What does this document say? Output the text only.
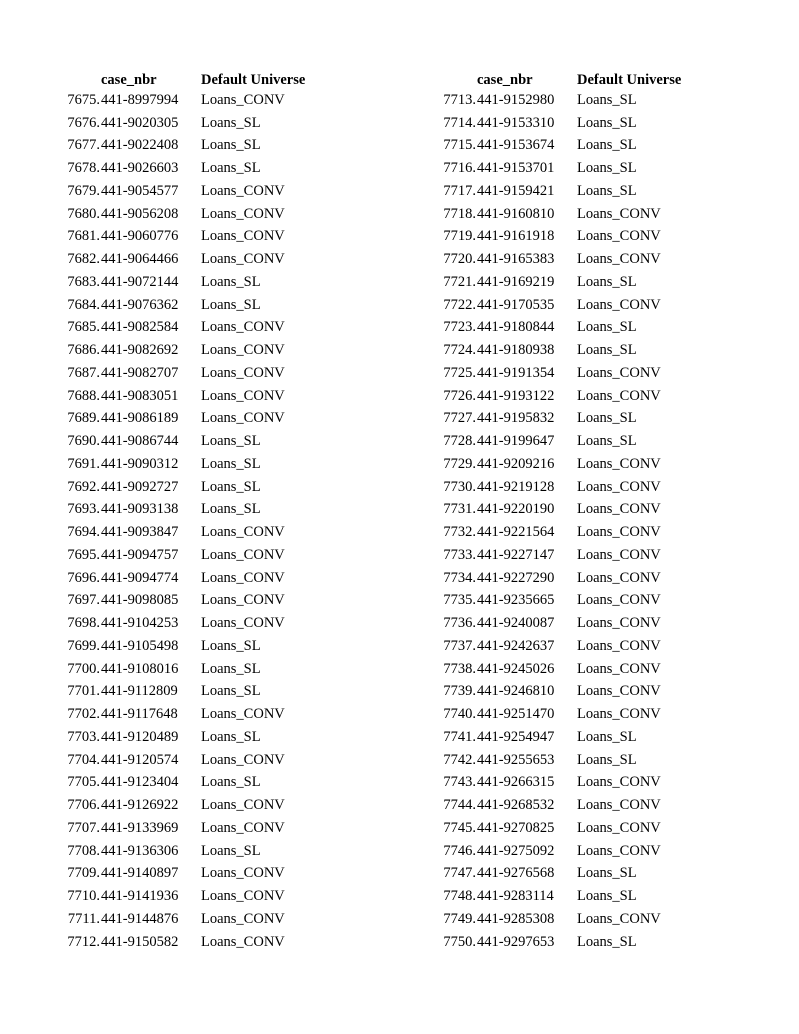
	case_nbr	Default Universe
7675.	441-8997994	Loans_CONV
7676.	441-9020305	Loans_SL
7677.	441-9022408	Loans_SL
7678.	441-9026603	Loans_SL
7679.	441-9054577	Loans_CONV
7680.	441-9056208	Loans_CONV
7681.	441-9060776	Loans_CONV
7682.	441-9064466	Loans_CONV
7683.	441-9072144	Loans_SL
7684.	441-9076362	Loans_SL
7685.	441-9082584	Loans_CONV
7686.	441-9082692	Loans_CONV
7687.	441-9082707	Loans_CONV
7688.	441-9083051	Loans_CONV
7689.	441-9086189	Loans_CONV
7690.	441-9086744	Loans_SL
7691.	441-9090312	Loans_SL
7692.	441-9092727	Loans_SL
7693.	441-9093138	Loans_SL
7694.	441-9093847	Loans_CONV
7695.	441-9094757	Loans_CONV
7696.	441-9094774	Loans_CONV
7697.	441-9098085	Loans_CONV
7698.	441-9104253	Loans_CONV
7699.	441-9105498	Loans_SL
7700.	441-9108016	Loans_SL
7701.	441-9112809	Loans_SL
7702.	441-9117648	Loans_CONV
7703.	441-9120489	Loans_SL
7704.	441-9120574	Loans_CONV
7705.	441-9123404	Loans_SL
7706.	441-9126922	Loans_CONV
7707.	441-9133969	Loans_CONV
7708.	441-9136306	Loans_SL
7709.	441-9140897	Loans_CONV
7710.	441-9141936	Loans_CONV
7711.	441-9144876	Loans_CONV
7712.	441-9150582	Loans_CONV
	case_nbr	Default Universe
7713.	441-9152980	Loans_SL
7714.	441-9153310	Loans_SL
7715.	441-9153674	Loans_SL
7716.	441-9153701	Loans_SL
7717.	441-9159421	Loans_SL
7718.	441-9160810	Loans_CONV
7719.	441-9161918	Loans_CONV
7720.	441-9165383	Loans_CONV
7721.	441-9169219	Loans_SL
7722.	441-9170535	Loans_CONV
7723.	441-9180844	Loans_SL
7724.	441-9180938	Loans_SL
7725.	441-9191354	Loans_CONV
7726.	441-9193122	Loans_CONV
7727.	441-9195832	Loans_SL
7728.	441-9199647	Loans_SL
7729.	441-9209216	Loans_CONV
7730.	441-9219128	Loans_CONV
7731.	441-9220190	Loans_CONV
7732.	441-9221564	Loans_CONV
7733.	441-9227147	Loans_CONV
7734.	441-9227290	Loans_CONV
7735.	441-9235665	Loans_CONV
7736.	441-9240087	Loans_CONV
7737.	441-9242637	Loans_CONV
7738.	441-9245026	Loans_CONV
7739.	441-9246810	Loans_CONV
7740.	441-9251470	Loans_CONV
7741.	441-9254947	Loans_SL
7742.	441-9255653	Loans_SL
7743.	441-9266315	Loans_CONV
7744.	441-9268532	Loans_CONV
7745.	441-9270825	Loans_CONV
7746.	441-9275092	Loans_CONV
7747.	441-9276568	Loans_SL
7748.	441-9283114	Loans_SL
7749.	441-9285308	Loans_CONV
7750.	441-9297653	Loans_SL
